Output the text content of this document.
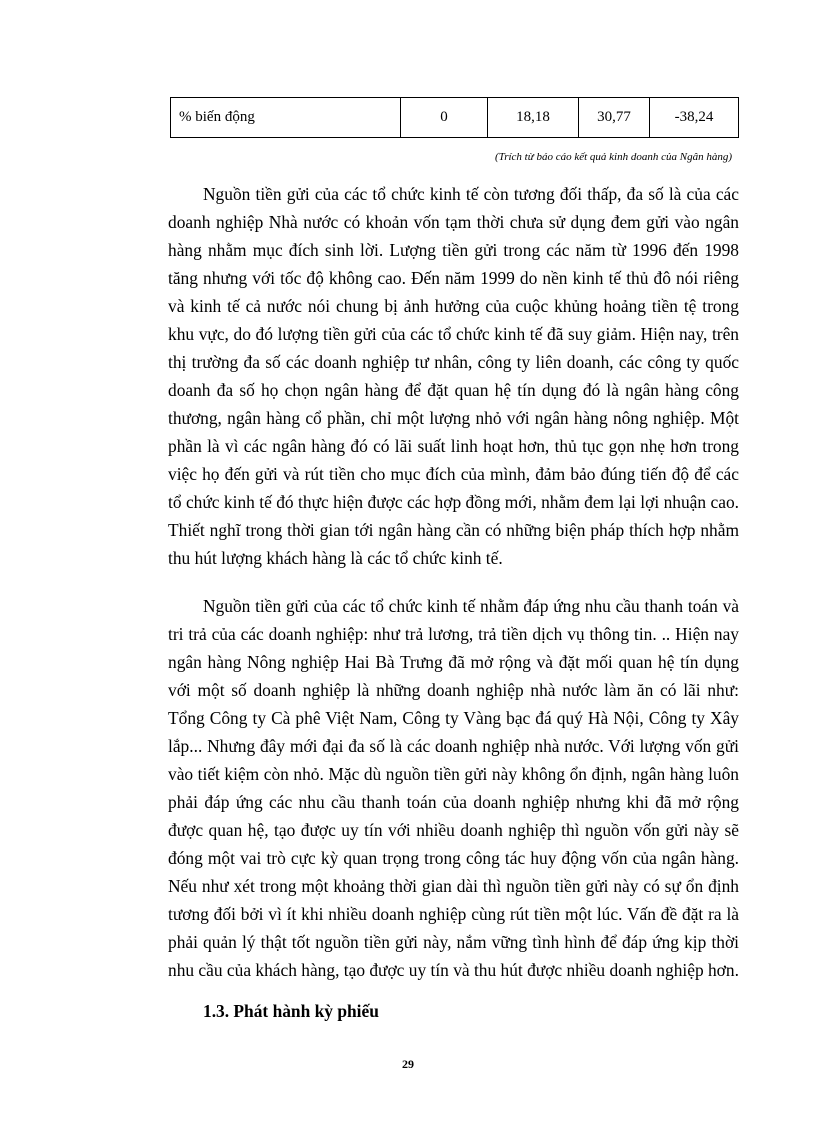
% biến động	0	18,18	30,77	-38,24
(Trích từ báo cáo kết quả kinh doanh của Ngân hàng)

Nguồn tiền gửi của các tổ chức kinh tế còn tương đối thấp, đa số là của các doanh nghiệp Nhà nước có khoản vốn tạm thời chưa sử dụng đem gửi vào ngân hàng nhằm mục đích sinh lời. Lượng tiền gửi trong các năm từ 1996 đến 1998 tăng nhưng với tốc độ không cao. Đến năm 1999 do nền kinh tế thủ đô nói riêng và kinh tế cả nước nói chung bị ảnh hưởng của cuộc khủng hoảng tiền tệ trong khu vực, do đó lượng tiền gửi của các tổ chức kinh tế đã suy giảm. Hiện nay, trên thị trường đa số các doanh nghiệp tư nhân, công ty liên doanh, các công ty quốc doanh đa số họ chọn ngân hàng để đặt quan hệ tín dụng đó là ngân hàng công thương, ngân hàng cổ phần, chỉ một lượng nhỏ với ngân hàng nông nghiệp. Một phần là vì các ngân hàng đó có lãi suất linh hoạt hơn, thủ tục gọn nhẹ hơn trong việc họ đến gửi và rút tiền cho mục đích của mình, đảm bảo đúng tiến độ để các tổ chức kinh tế đó thực hiện được các hợp đồng mới, nhằm đem lại lợi nhuận cao. Thiết nghĩ trong thời gian tới ngân hàng cần có những biện pháp thích hợp nhằm thu hút lượng khách hàng là các tổ chức kinh tế.

Nguồn tiền gửi của các tổ chức kinh tế nhằm đáp ứng nhu cầu thanh toán và tri trả của các doanh nghiệp: như trả lương, trả tiền dịch vụ thông tin. .. Hiện nay ngân hàng Nông nghiệp Hai Bà Trưng đã mở rộng và đặt mối quan hệ tín dụng với một số doanh nghiệp là những doanh nghiệp nhà nước làm ăn có lãi như: Tổng Công ty Cà phê Việt Nam, Công ty Vàng bạc đá quý Hà Nội, Công ty Xây lắp... Nhưng đây mới đại đa số là các doanh nghiệp nhà nước. Với lượng vốn gửi vào tiết kiệm còn nhỏ. Mặc dù nguồn tiền gửi này không ổn định, ngân hàng luôn phải đáp ứng các nhu cầu thanh toán của doanh nghiệp nhưng khi đã mở rộng được quan hệ, tạo được uy tín với nhiều doanh nghiệp thì nguồn vốn gửi này sẽ đóng một vai trò cực kỳ quan trọng trong công tác huy động vốn của ngân hàng. Nếu như xét trong một khoảng thời gian dài thì nguồn tiền gửi này có sự ổn định tương đối bởi vì ít khi nhiều doanh nghiệp cùng rút tiền một lúc. Vấn đề đặt ra là phải quản lý thật tốt nguồn tiền gửi này, nắm vững tình hình để đáp ứng kịp thời nhu cầu của khách hàng, tạo được uy tín và thu hút được nhiều doanh nghiệp hơn.

1.3. Phát hành kỳ phiếu
29
